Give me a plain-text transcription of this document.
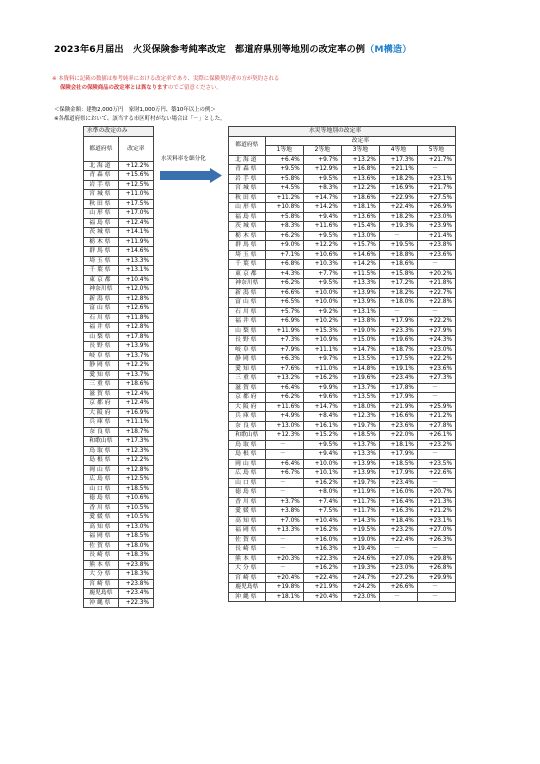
2023年6月届出　火災保険参考純率改定　都道府県別等地別の改定率の例（M構造）
※ 本資料に記載の数値は参考純率における改定率であり、実際に保険契約者の方が契約される
保険会社の保険商品の改定率とは異なりますのでご留意ください。
＜保険金額：建物2,000万円　家財1,000万円、築10年以上の例＞
※各都道府県において、該当する市区町村がない場合は「－」とした。
水準の改定のみ	
都道府県	改定率
北海道	+12.2%
青森県	+15.6%
岩手県	+12.5%
宮城県	+11.0%
秋田県	+17.5%
山形県	+17.0%
福島県	+12.4%
茨城県	+14.1%
栃木県	+11.9%
群馬県	+14.6%
埼玉県	+13.3%
千葉県	+13.1%
東京都	+10.4%
神奈川県	+12.0%
新潟県	+12.8%
富山県	+12.6%
石川県	+11.8%
福井県	+12.8%
山梨県	+17.8%
長野県	+13.9%
岐阜県	+13.7%
静岡県	+12.2%
愛知県	+13.7%
三重県	+18.6%
滋賀県	+12.4%
京都府	+12.4%
大阪府	+16.9%
兵庫県	+11.1%
奈良県	+18.7%
和歌山県	+17.3%
鳥取県	+12.3%
島根県	+12.2%
岡山県	+12.8%
広島県	+12.5%
山口県	+18.5%
徳島県	+10.6%
香川県	+10.5%
愛媛県	+10.5%
高知県	+13.0%
福岡県	+18.5%
佐賀県	+18.0%
長崎県	+18.3%
熊本県	+23.8%
大分県	+18.3%
宮崎県	+23.8%
鹿児島県	+23.4%
沖縄県	+22.3%
水災料率を細分化
水災等地別の改定率					
都道府県	改定率				
	1等地	2等地	3等地	4等地	5等地
北海道	+6.4%	+9.7%	+13.2%	+17.3%	+21.7%
青森県	+9.5%	+12.9%	+16.8%	+21.1%	－
岩手県	+5.8%	+9.5%	+13.6%	+18.2%	+23.1%
宮城県	+4.5%	+8.3%	+12.2%	+16.9%	+21.7%
秋田県	+11.2%	+14.7%	+18.6%	+22.9%	+27.5%
山形県	+10.8%	+14.2%	+18.1%	+22.4%	+26.9%
福島県	+5.8%	+9.4%	+13.6%	+18.2%	+23.0%
茨城県	+8.3%	+11.6%	+15.4%	+19.3%	+23.9%
栃木県	+6.2%	+9.5%	+13.0%	－	+21.4%
群馬県	+9.0%	+12.2%	+15.7%	+19.5%	+23.8%
埼玉県	+7.1%	+10.6%	+14.6%	+18.8%	+23.6%
千葉県	+6.8%	+10.3%	+14.2%	+18.6%	－
東京都	+4.3%	+7.7%	+11.5%	+15.8%	+20.2%
神奈川県	+6.2%	+9.5%	+13.3%	+17.2%	+21.8%
新潟県	+6.6%	+10.0%	+13.9%	+18.2%	+22.7%
富山県	+6.5%	+10.0%	+13.9%	+18.0%	+22.8%
石川県	+5.7%	+9.2%	+13.1%	－	－
福井県	+6.9%	+10.2%	+13.8%	+17.9%	+22.2%
山梨県	+11.9%	+15.3%	+19.0%	+23.3%	+27.9%
長野県	+7.3%	+10.9%	+15.0%	+19.6%	+24.3%
岐阜県	+7.9%	+11.1%	+14.7%	+18.7%	+23.0%
静岡県	+6.3%	+9.7%	+13.5%	+17.5%	+22.2%
愛知県	+7.6%	+11.0%	+14.8%	+19.1%	+23.6%
三重県	+13.2%	+16.2%	+19.6%	+23.4%	+27.3%
滋賀県	+6.4%	+9.9%	+13.7%	+17.8%	－
京都府	+6.2%	+9.6%	+13.5%	+17.9%	－
大阪府	+11.6%	+14.7%	+18.0%	+21.9%	+25.9%
兵庫県	+4.9%	+8.4%	+12.3%	+16.6%	+21.2%
奈良県	+13.0%	+16.1%	+19.7%	+23.6%	+27.8%
和歌山県	+12.3%	+15.2%	+18.5%	+22.0%	+26.1%
鳥取県	－	+9.5%	+13.7%	+18.1%	+23.2%
島根県	－	+9.4%	+13.3%	+17.9%	－
岡山県	+6.4%	+10.0%	+13.9%	+18.5%	+23.5%
広島県	+6.7%	+10.1%	+13.9%	+17.9%	+22.6%
山口県	－	+16.2%	+19.7%	+23.4%	－
徳島県	－	+8.0%	+11.9%	+16.0%	+20.7%
香川県	+3.7%	+7.4%	+11.7%	+16.4%	+21.3%
愛媛県	+3.8%	+7.5%	+11.7%	+16.3%	+21.2%
高知県	+7.0%	+10.4%	+14.3%	+18.4%	+23.1%
福岡県	+13.3%	+16.2%	+19.5%	+23.2%	+27.0%
佐賀県	－	+16.0%	+19.0%	+22.4%	+26.3%
長崎県	－	+16.3%	+19.4%	－	－
熊本県	+20.3%	+22.3%	+24.6%	+27.0%	+29.8%
大分県	－	+16.2%	+19.3%	+23.0%	+26.8%
宮崎県	+20.4%	+22.4%	+24.7%	+27.2%	+29.9%
鹿児島県	+19.8%	+21.9%	+24.2%	+26.6%	－
沖縄県	+18.1%	+20.4%	+23.0%	－	－
